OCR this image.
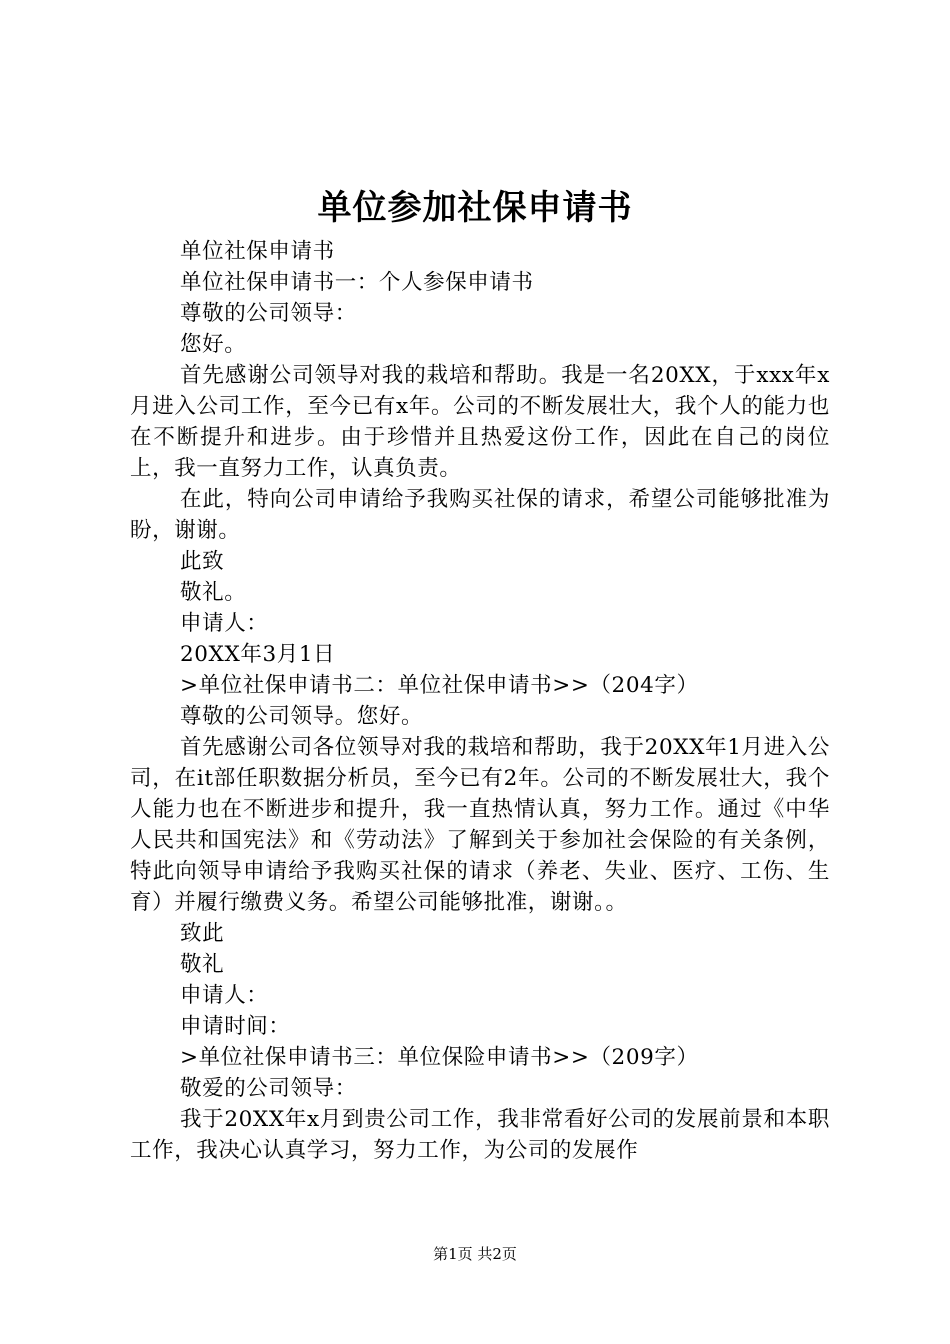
单位参加社保申请书

单位社保申请书

单位社保申请书一：个人参保申请书

尊敬的公司领导：

您好。

首先感谢公司领导对我的栽培和帮助。我是一名20XX，于xxx年x月进入公司工作，至今已有x年。公司的不断发展壮大，我个人的能力也在不断提升和进步。由于珍惜并且热爱这份工作，因此在自己的岗位上，我一直努力工作，认真负责。

在此，特向公司申请给予我购买社保的请求，希望公司能够批准为盼，谢谢。

此致

敬礼。

申请人：

20XX年3月1日

>单位社保申请书二：单位社保申请书>>（204字）

尊敬的公司领导。您好。

首先感谢公司各位领导对我的栽培和帮助，我于20XX年1月进入公司，在it部任职数据分析员，至今已有2年。公司的不断发展壮大，我个人能力也在不断进步和提升，我一直热情认真，努力工作。通过《中华人民共和国宪法》和《劳动法》了解到关于参加社会保险的有关条例，特此向领导申请给予我购买社保的请求（养老、失业、医疗、工伤、生育）并履行缴费义务。希望公司能够批准，谢谢。。

致此

敬礼

申请人：

申请时间：

>单位社保申请书三：单位保险申请书>>（209字）

敬爱的公司领导：

我于20XX年x月到贵公司工作，我非常看好公司的发展前景和本职工作，我决心认真学习，努力工作，为公司的发展作

第1页 共2页
